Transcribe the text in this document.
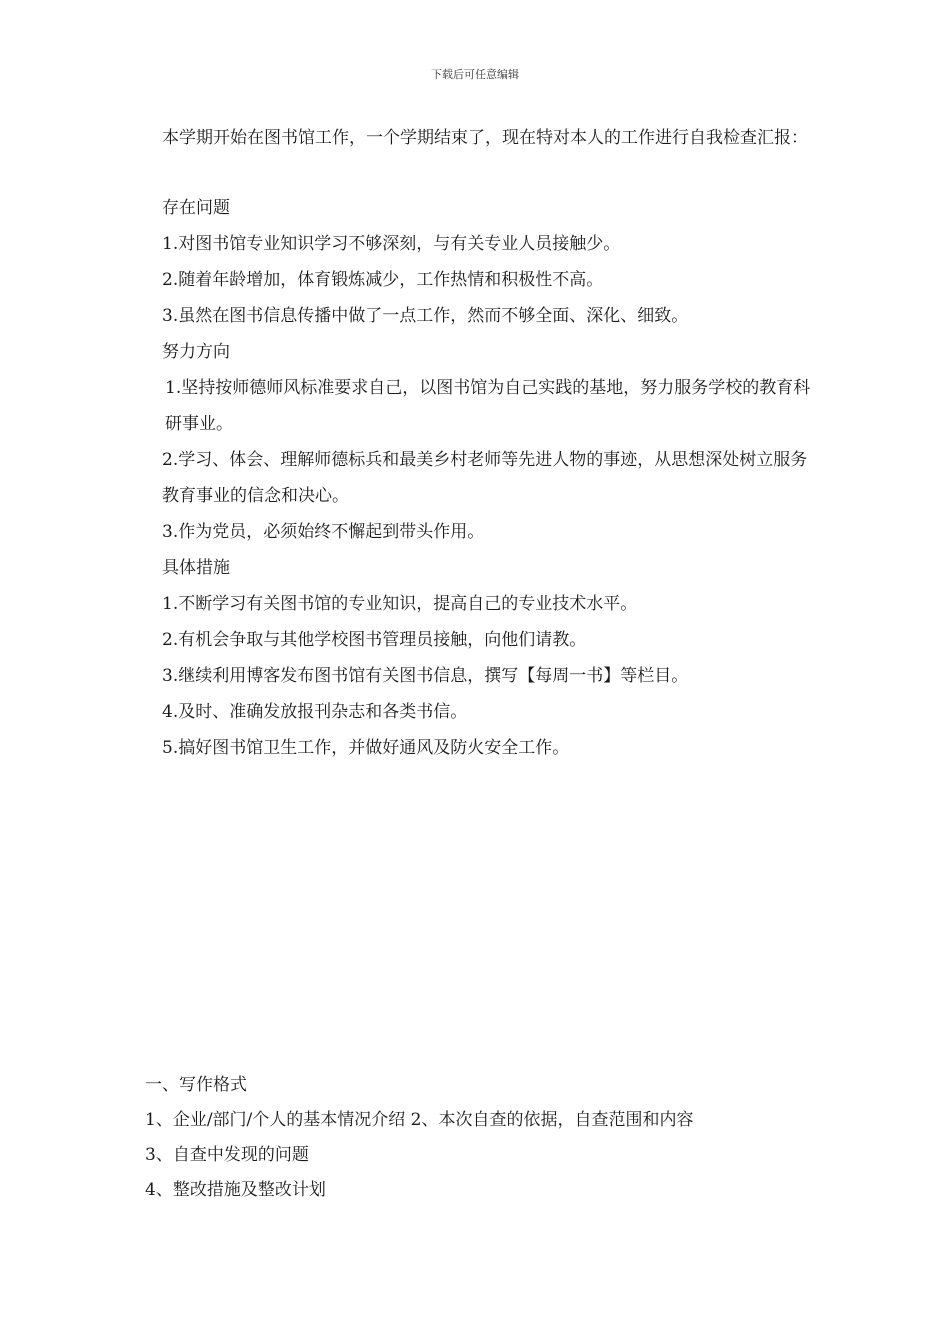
下载后可任意编辑
本学期开始在图书馆工作，一个学期结束了，现在特对本人的工作进行自我检查汇报：
存在问题
1.对图书馆专业知识学习不够深刻，与有关专业人员接触少。
2.随着年龄增加，体育锻炼减少，工作热情和积极性不高。
3.虽然在图书信息传播中做了一点工作，然而不够全面、深化、细致。
努力方向
1.坚持按师德师风标准要求自己，以图书馆为自己实践的基地，努力服务学校的教育科研事业。
2.学习、体会、理解师德标兵和最美乡村老师等先进人物的事迹，从思想深处树立服务教育事业的信念和决心。
3.作为党员，必须始终不懈起到带头作用。
具体措施
1.不断学习有关图书馆的专业知识，提高自己的专业技术水平。
2.有机会争取与其他学校图书管理员接触，向他们请教。
3.继续利用博客发布图书馆有关图书信息，撰写【每周一书】等栏目。
4.及时、准确发放报刊杂志和各类书信。
5.搞好图书馆卫生工作，并做好通风及防火安全工作。
一、写作格式
1、企业/部门/个人的基本情况介绍 2、本次自查的依据，自查范围和内容
3、自查中发现的问题
4、整改措施及整改计划
